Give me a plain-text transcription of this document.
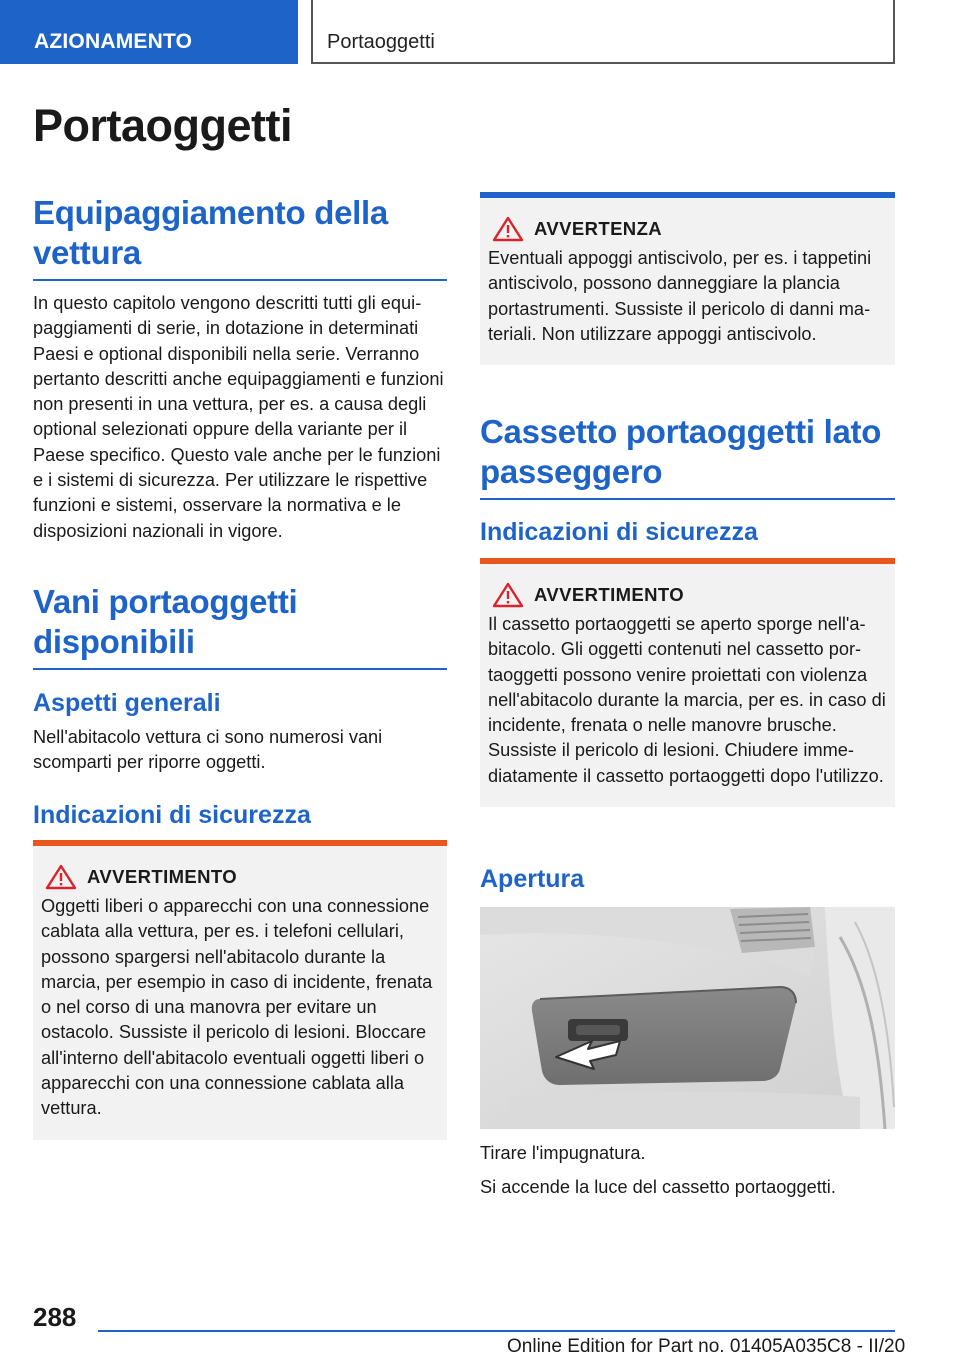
AZIONAMENTO	Portaoggetti
Portaoggetti
Equipaggiamento della vettura
In questo capitolo vengono descritti tutti gli equipaggiamenti di serie, in dotazione in determinati Paesi e optional disponibili nella serie. Verranno pertanto descritti anche equipaggiamenti e funzioni non presenti in una vettura, per es. a causa degli optional selezionati oppure della variante per il Paese specifico. Questo vale anche per le funzioni e i sistemi di sicurezza. Per utilizzare le rispettive funzioni e sistemi, osservare la normativa e le disposizioni nazionali in vigore.
Vani portaoggetti disponibili
Aspetti generali
Nell'abitacolo vettura ci sono numerosi vani scomparti per riporre oggetti.
Indicazioni di sicurezza
AVVERTIMENTO
Oggetti liberi o apparecchi con una connessione cablata alla vettura, per es. i telefoni cellulari, possono spargersi nell'abitacolo durante la marcia, per esempio in caso di incidente, frenata o nel corso di una manovra per evitare un ostacolo. Sussiste il pericolo di lesioni. Bloccare all'interno dell'abitacolo eventuali oggetti liberi o apparecchi con una connessione cablata alla vettura.
288
AVVERTENZA
Eventuali appoggi antiscivolo, per es. i tappetini antiscivolo, possono danneggiare la plancia portastrumenti. Sussiste il pericolo di danni materiali. Non utilizzare appoggi antiscivolo.
Cassetto portaoggetti lato passeggero
Indicazioni di sicurezza
AVVERTIMENTO
Il cassetto portaoggetti se aperto sporge nell'abitacolo. Gli oggetti contenuti nel cassetto portaoggetti possono venire proiettati con violenza nell'abitacolo durante la marcia, per es. in caso di incidente, frenata o nelle manovre brusche. Sussiste il pericolo di lesioni. Chiudere immediatamente il cassetto portaoggetti dopo l'utilizzo.
Apertura
Tirare l'impugnatura.
Si accende la luce del cassetto portaoggetti.
Online Edition for Part no. 01405A035C8 - II/20
